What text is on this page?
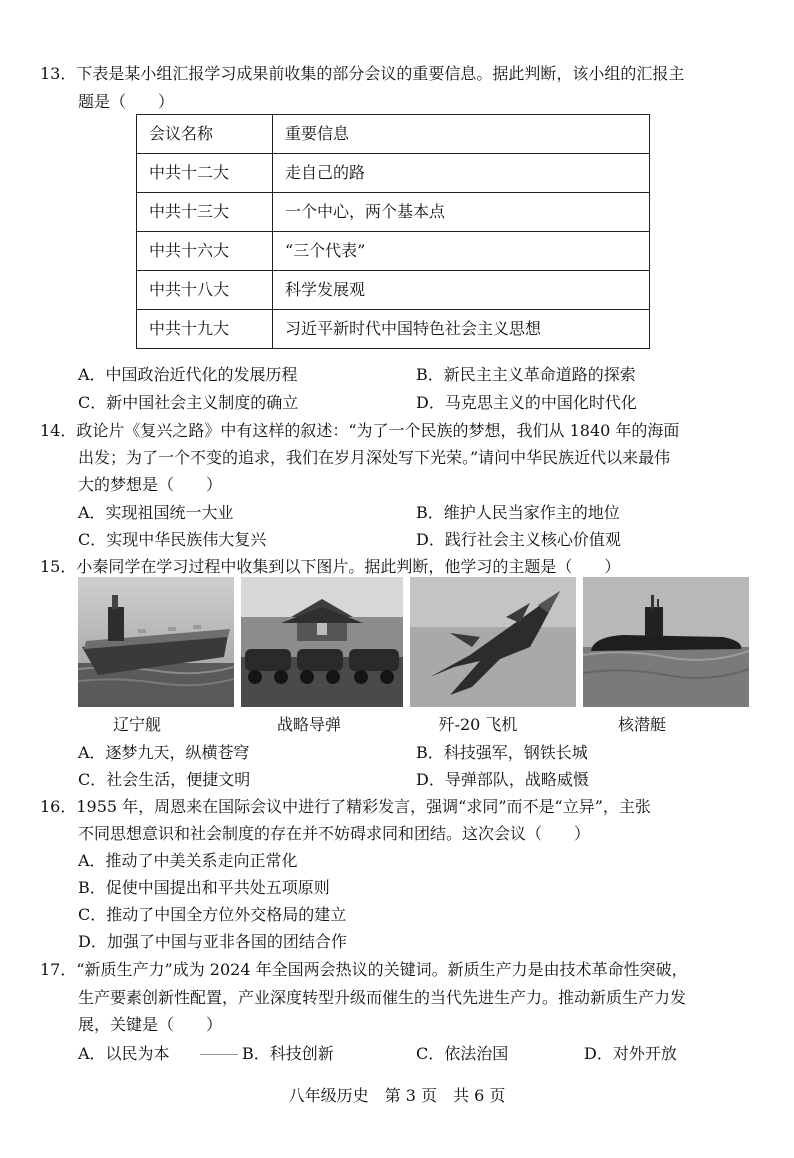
13．下表是某小组汇报学习成果前收集的部分会议的重要信息。据此判断，该小组的汇报主
题是（　　）
会议名称	重要信息
中共十二大	走自己的路
中共十三大	一个中心，两个基本点
中共十六大	“三个代表”
中共十八大	科学发展观
中共十九大	习近平新时代中国特色社会主义思想
A．中国政治近代化的发展历程	B．新民主主义革命道路的探索
C．新中国社会主义制度的确立	D．马克思主义的中国化时代化
14．政论片《复兴之路》中有这样的叙述：“为了一个民族的梦想，我们从 1840 年的海面
出发；为了一个不变的追求，我们在岁月深处写下光荣。”请问中华民族近代以来最伟
大的梦想是（　　）
A．实现祖国统一大业	B．维护人民当家作主的地位
C．实现中华民族伟大复兴	D．践行社会主义核心价值观
15．小秦同学在学习过程中收集到以下图片。据此判断，他学习的主题是（　　）
辽宁舰	战略导弹	歼-20 飞机	核潜艇
A．逐梦九天，纵横苍穹	B．科技强军，钢铁长城
C．社会生活，便捷文明	D．导弹部队，战略威慑
16．1955 年，周恩来在国际会议中进行了精彩发言，强调“求同”而不是“立异”，主张
不同思想意识和社会制度的存在并不妨碍求同和团结。这次会议（　　）
A．推动了中美关系走向正常化
B．促使中国提出和平共处五项原则
C．推动了中国全方位外交格局的建立
D．加强了中国与亚非各国的团结合作
17．“新质生产力”成为 2024 年全国两会热议的关键词。新质生产力是由技术革命性突破，
生产要素创新性配置，产业深度转型升级而催生的当代先进生产力。推动新质生产力发
展，关键是（　　）
A．以民为本	B．科技创新	C．依法治国	D．对外开放
八年级历史　第 3 页　共 6 页
